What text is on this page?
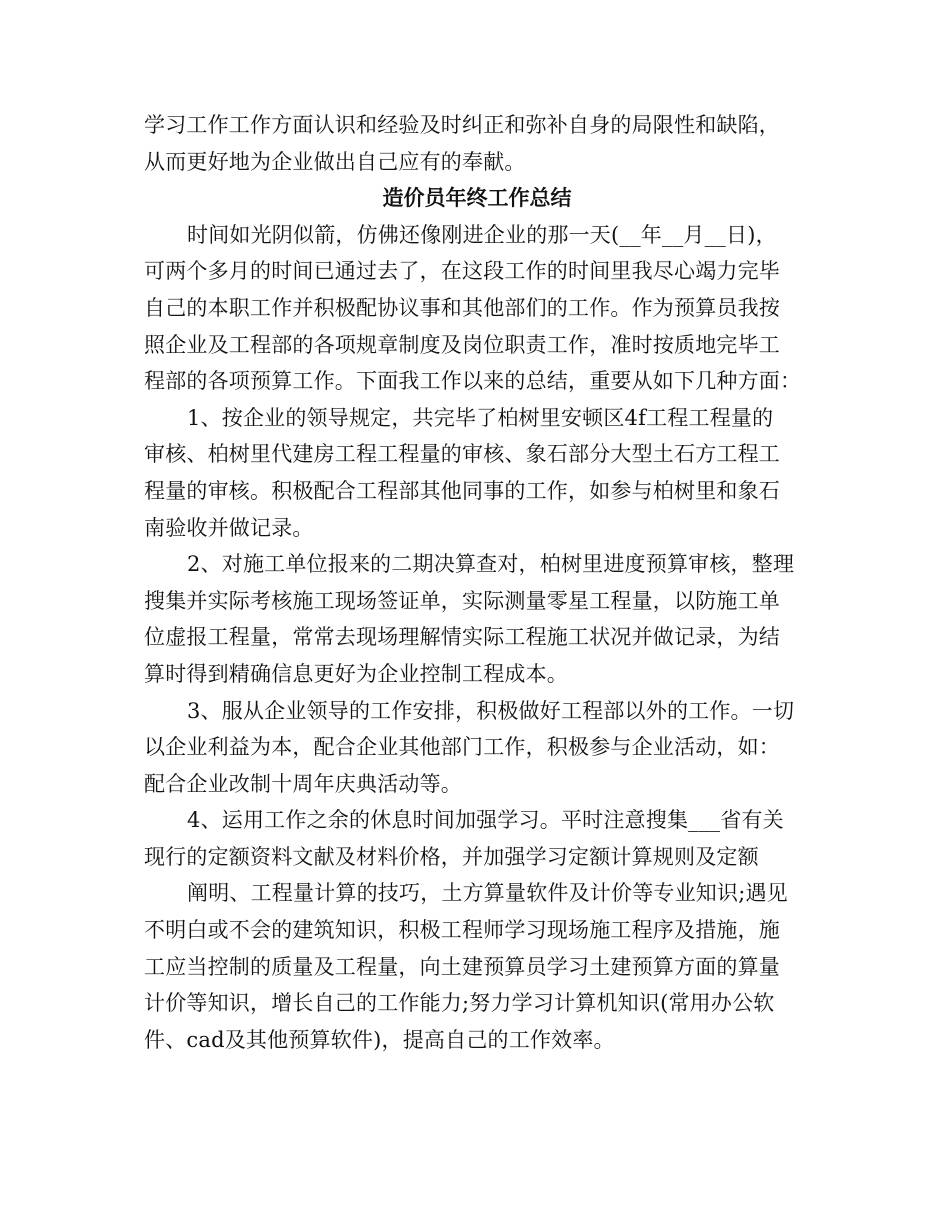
学习工作工作方面认识和经验及时纠正和弥补自身的局限性和缺陷，
从而更好地为企业做出自己应有的奉献。
造价员年终工作总结
时间如光阴似箭，仿佛还像刚进企业的那一天(__年__月__日)，
可两个多月的时间已通过去了，在这段工作的时间里我尽心竭力完毕
自己的本职工作并积极配协议事和其他部们的工作。作为预算员我按
照企业及工程部的各项规章制度及岗位职责工作，准时按质地完毕工
程部的各项预算工作。下面我工作以来的总结，重要从如下几种方面：
1、按企业的领导规定，共完毕了柏树里安顿区4f工程工程量的
审核、柏树里代建房工程工程量的审核、象石部分大型土石方工程工
程量的审核。积极配合工程部其他同事的工作，如参与柏树里和象石
南验收并做记录。
2、对施工单位报来的二期决算查对，柏树里进度预算审核，整理
搜集并实际考核施工现场签证单，实际测量零星工程量，以防施工单
位虚报工程量，常常去现场理解情实际工程施工状况并做记录，为结
算时得到精确信息更好为企业控制工程成本。
3、服从企业领导的工作安排，积极做好工程部以外的工作。一切
以企业利益为本，配合企业其他部门工作，积极参与企业活动，如：
配合企业改制十周年庆典活动等。
4、运用工作之余的休息时间加强学习。平时注意搜集___省有关
现行的定额资料文献及材料价格，并加强学习定额计算规则及定额
阐明、工程量计算的技巧，土方算量软件及计价等专业知识;遇见
不明白或不会的建筑知识，积极工程师学习现场施工程序及措施，施
工应当控制的质量及工程量，向土建预算员学习土建预算方面的算量
计价等知识，增长自己的工作能力;努力学习计算机知识(常用办公软
件、cad及其他预算软件)，提高自己的工作效率。
